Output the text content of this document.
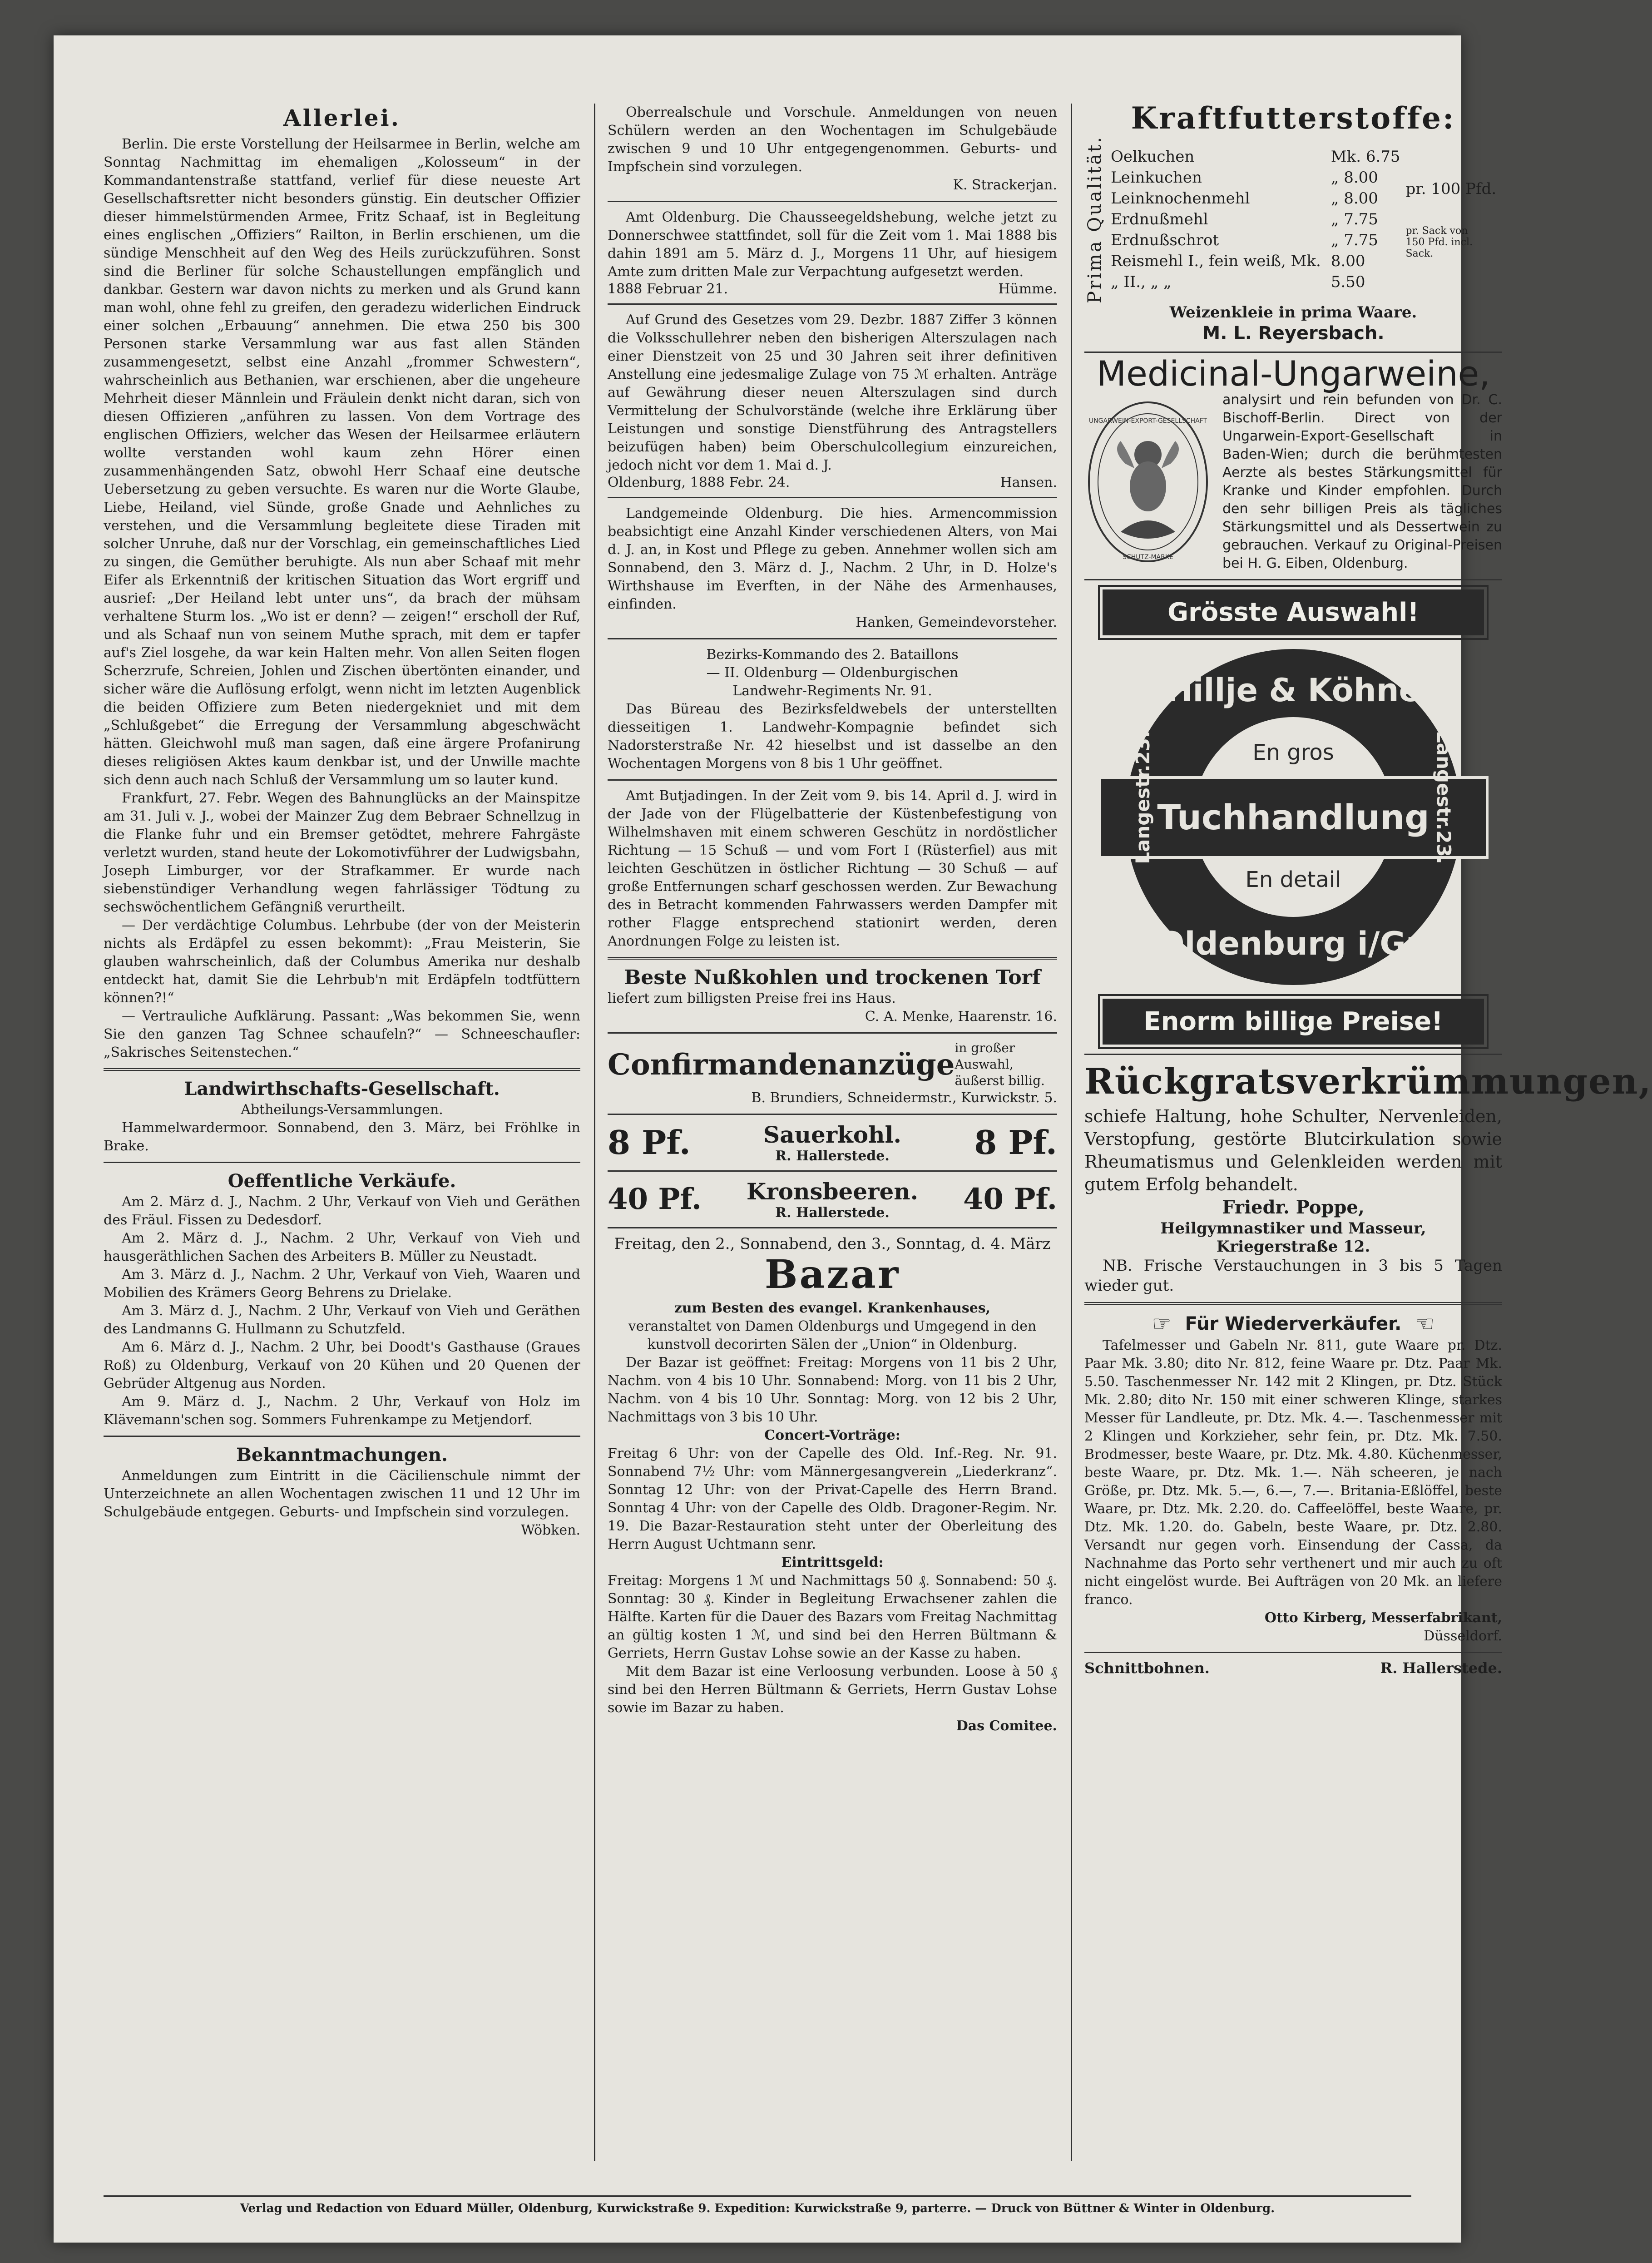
Allerlei.

Berlin. Die erste Vorstellung der Heilsarmee in Berlin, welche am Sonntag Nachmittag im ehemaligen „Kolosseum“ in der Kommandantenstraße stattfand, verlief für diese neueste Art Gesellschaftsretter nicht besonders günstig. Ein deutscher Offizier dieser himmelstürmenden Armee, Fritz Schaaf, ist in Begleitung eines englischen „Offiziers“ Railton, in Berlin erschienen, um die sündige Menschheit auf den Weg des Heils zurückzuführen. Sonst sind die Berliner für solche Schaustellungen empfänglich und dankbar. Gestern war davon nichts zu merken und als Grund kann man wohl, ohne fehl zu greifen, den geradezu widerlichen Eindruck einer solchen „Erbauung“ annehmen. Die etwa 250 bis 300 Personen starke Versammlung war aus fast allen Ständen zusammengesetzt, selbst eine Anzahl „frommer Schwestern“, wahrscheinlich aus Bethanien, war erschienen, aber die ungeheure Mehrheit dieser Männlein und Fräulein denkt nicht daran, sich von diesen Offizieren „anführen zu lassen. Von dem Vortrage des englischen Offiziers, welcher das Wesen der Heilsarmee erläutern wollte verstanden wohl kaum zehn Hörer einen zusammenhängenden Satz, obwohl Herr Schaaf eine deutsche Uebersetzung zu geben versuchte. Es waren nur die Worte Glaube, Liebe, Heiland, viel Sünde, große Gnade und Aehnliches zu verstehen, und die Versammlung begleitete diese Tiraden mit solcher Unruhe, daß nur der Vorschlag, ein gemeinschaftliches Lied zu singen, die Gemüther beruhigte. Als nun aber Schaaf mit mehr Eifer als Erkenntniß der kritischen Situation das Wort ergriff und ausrief: „Der Heiland lebt unter uns“, da brach der mühsam verhaltene Sturm los. „Wo ist er denn? — zeigen!“ erscholl der Ruf, und als Schaaf nun von seinem Muthe sprach, mit dem er tapfer auf's Ziel losgehe, da war kein Halten mehr. Von allen Seiten flogen Scherzrufe, Schreien, Johlen und Zischen übertönten einander, und sicher wäre die Auflösung erfolgt, wenn nicht im letzten Augenblick die beiden Offiziere zum Beten niedergekniet und mit dem „Schlußgebet“ die Erregung der Versammlung abgeschwächt hätten. Gleichwohl muß man sagen, daß eine ärgere Profanirung dieses religiösen Aktes kaum denkbar ist, und der Unwille machte sich denn auch nach Schluß der Versammlung um so lauter kund.

Frankfurt, 27. Febr. Wegen des Bahnunglücks an der Mainspitze am 31. Juli v. J., wobei der Mainzer Zug dem Bebraer Schnellzug in die Flanke fuhr und ein Bremser getödtet, mehrere Fahrgäste verletzt wurden, stand heute der Lokomotivführer der Ludwigsbahn, Joseph Limburger, vor der Strafkammer. Er wurde nach siebenstündiger Verhandlung wegen fahrlässiger Tödtung zu sechswöchentlichem Gefängniß verurtheilt.

— Der verdächtige Columbus. Lehrbube (der von der Meisterin nichts als Erdäpfel zu essen bekommt): „Frau Meisterin, Sie glauben wahrscheinlich, daß der Columbus Amerika nur deshalb entdeckt hat, damit Sie die Lehrbub'n mit Erdäpfeln todtfüttern können?!“

— Vertrauliche Aufklärung. Passant: „Was bekommen Sie, wenn Sie den ganzen Tag Schnee schaufeln?“ — Schneeschaufler: „Sakrisches Seitenstechen.“

Landwirthschafts-Gesellschaft.
Abtheilungs-Versammlungen.

Hammelwardermoor. Sonnabend, den 3. März, bei Fröhlke in Brake.

Oeffentliche Verkäufe.

Am 2. März d. J., Nachm. 2 Uhr, Verkauf von Vieh und Geräthen des Fräul. Fissen zu Dedesdorf.

Am 2. März d. J., Nachm. 2 Uhr, Verkauf von Vieh und hausgeräthlichen Sachen des Arbeiters B. Müller zu Neustadt.

Am 3. März d. J., Nachm. 2 Uhr, Verkauf von Vieh, Waaren und Mobilien des Krämers Georg Behrens zu Drielake.

Am 3. März d. J., Nachm. 2 Uhr, Verkauf von Vieh und Geräthen des Landmanns G. Hullmann zu Schutzfeld.

Am 6. März d. J., Nachm. 2 Uhr, bei Doodt's Gasthause (Graues Roß) zu Oldenburg, Verkauf von 20 Kühen und 20 Quenen der Gebrüder Altgenug aus Norden.

Am 9. März d. J., Nachm. 2 Uhr, Verkauf von Holz im Klävemann'schen sog. Sommers Fuhrenkampe zu Metjendorf.

Bekanntmachungen.

Anmeldungen zum Eintritt in die Cäcilienschule nimmt der Unterzeichnete an allen Wochentagen zwischen 11 und 12 Uhr im Schulgebäude entgegen. Geburts- und Impfschein sind vorzulegen.

Wöbken.

Oberrealschule und Vorschule. Anmeldungen von neuen Schülern werden an den Wochentagen im Schulgebäude zwischen 9 und 10 Uhr entgegengenommen. Geburts- und Impfschein sind vorzulegen.

K. Strackerjan.

Amt Oldenburg. Die Chausseegeldshebung, welche jetzt zu Donnerschwee stattfindet, soll für die Zeit vom 1. Mai 1888 bis dahin 1891 am 5. März d. J., Morgens 11 Uhr, auf hiesigem Amte zum dritten Male zur Verpachtung aufgesetzt werden.

1888 Februar 21.	Hümme.

Auf Grund des Gesetzes vom 29. Dezbr. 1887 Ziffer 3 können die Volksschullehrer neben den bisherigen Alterszulagen nach einer Dienstzeit von 25 und 30 Jahren seit ihrer definitiven Anstellung eine jedesmalige Zulage von 75 ℳ erhalten. Anträge auf Gewährung dieser neuen Alterszulagen sind durch Vermittelung der Schulvorstände (welche ihre Erklärung über Leistungen und sonstige Dienstführung des Antragstellers beizufügen haben) beim Oberschulcollegium einzureichen, jedoch nicht vor dem 1. Mai d. J.

Oldenburg, 1888 Febr. 24.	Hansen.

Landgemeinde Oldenburg. Die hies. Armencommission beabsichtigt eine Anzahl Kinder verschiedenen Alters, von Mai d. J. an, in Kost und Pflege zu geben. Annehmer wollen sich am Sonnabend, den 3. März d. J., Nachm. 2 Uhr, in D. Holze's Wirthshause im Everften, in der Nähe des Armenhauses, einfinden.

Hanken, Gemeindevorsteher.
Bezirks-Kommando des 2. Bataillons
— II. Oldenburg — Oldenburgischen
Landwehr-Regiments Nr. 91.

Das Büreau des Bezirksfeldwebels der unterstellten diesseitigen 1. Landwehr-Kompagnie befindet sich Nadorsterstraße Nr. 42 hieselbst und ist dasselbe an den Wochentagen Morgens von 8 bis 1 Uhr geöffnet.

Amt Butjadingen. In der Zeit vom 9. bis 14. April d. J. wird in der Jade von der Flügelbatterie der Küstenbefestigung von Wilhelmshaven mit einem schweren Geschütz in nordöstlicher Richtung — 15 Schuß — und vom Fort I (Rüsterfiel) aus mit leichten Geschützen in östlicher Richtung — 30 Schuß — auf große Entfernungen scharf geschossen werden. Zur Bewachung des in Betracht kommenden Fahrwassers werden Dampfer mit rother Flagge entsprechend stationirt werden, deren Anordnungen Folge zu leisten ist.

Beste Nußkohlen und trockenen Torf

liefert zum billigsten Preise frei ins Haus.

C. A. Menke, Haarenstr. 16.
Confirmandenanzüge in großer Auswahl, äußerst billig.
B. Brundiers, Schneidermstr., Kurwickstr. 5.
8 Pf.	Sauerkohl.
R. Hallerstede.	8 Pf.
40 Pf. Kronsbeeren.
R. Hallerstede.	40 Pf.
Freitag, den 2., Sonnabend, den 3., Sonntag, d. 4. März
Bazar
zum Besten des evangel. Krankenhauses,

veranstaltet von Damen Oldenburgs und Umgegend in den kunstvoll decorirten Sälen der „Union“ in Oldenburg.

Der Bazar ist geöffnet: Freitag: Morgens von 11 bis 2 Uhr, Nachm. von 4 bis 10 Uhr. Sonnabend: Morg. von 11 bis 2 Uhr, Nachm. von 4 bis 10 Uhr. Sonntag: Morg. von 12 bis 2 Uhr, Nachmittags von 3 bis 10 Uhr.

Concert-Vorträge:

Freitag 6 Uhr: von der Capelle des Old. Inf.-Reg. Nr. 91. Sonnabend 7½ Uhr: vom Männergesangverein „Liederkranz“. Sonntag 12 Uhr: von der Privat-Capelle des Herrn Brand. Sonntag 4 Uhr: von der Capelle des Oldb. Dragoner-Regim. Nr. 19. Die Bazar-Restauration steht unter der Oberleitung des Herrn August Uchtmann senr.

Eintrittsgeld:

Freitag: Morgens 1 ℳ und Nachmittags 50 ₰. Sonnabend: 50 ₰. Sonntag: 30 ₰. Kinder in Begleitung Erwachsener zahlen die Hälfte. Karten für die Dauer des Bazars vom Freitag Nachmittag an gültig kosten 1 ℳ, und sind bei den Herren Bültmann & Gerriets, Herrn Gustav Lohse sowie an der Kasse zu haben.

Mit dem Bazar ist eine Verloosung verbunden. Loose à 50 ₰ sind bei den Herren Bültmann & Gerriets, Herrn Gustav Lohse sowie im Bazar zu haben.

Das Comitee.
Kraftfutterstoffe:
Prima Qualität. Oelkuchen	Mk. 6.75
Leinkuchen	„ 8.00
Leinknochenmehl	„ 8.00
Erdnußmehl	„ 7.75
Erdnußschrot	„ 7.75
Reismehl I., fein weiß, Mk.	8.00
„ II., „ „	5.50
pr. 100 Pfd.
pr. Sack von 150 Pfd. incl. Sack.
Weizenkleie in prima Waare.
M. L. Reyersbach.
Medicinal-Ungarweine,
UNGARWEIN-EXPORT-GESELLSCHAFT
SCHUTZ-MARKE

analysirt und rein befunden von Dr. C. Bischoff-Berlin. Direct von der Ungarwein-Export-Gesellschaft in Baden-Wien; durch die berühmtesten Aerzte als bestes Stärkungsmittel für Kranke und Kinder empfohlen. Durch den sehr billigen Preis als tägliches Stärkungsmittel und als Dessertwein zu gebrauchen. Verkauf zu Original-Preisen bei H. G. Eiben, Oldenburg.

Grösste Auswahl!
Hillje & Köhne
En gros
Tuchhandlung
En detail
Oldenburg i/Gr.
Langestr.23.	Langestr.23.
Enorm billige Preise!
Rückgratsverkrümmungen,

schiefe Haltung, hohe Schulter, Nervenleiden, Verstopfung, gestörte Blutcirkulation sowie Rheumatismus und Gelenkleiden werden mit gutem Erfolg behandelt.

Friedr. Poppe,
Heilgymnastiker und Masseur,
Kriegerstraße 12.

NB. Frische Verstauchungen in 3 bis 5 Tagen wieder gut.

☞ Für Wiederverkäufer. ☞

Tafelmesser und Gabeln Nr. 811, gute Waare pr. Dtz. Paar Mk. 3.80; dito Nr. 812, feine Waare pr. Dtz. Paar Mk. 5.50. Taschenmesser Nr. 142 mit 2 Klingen, pr. Dtz. Stück Mk. 2.80; dito Nr. 150 mit einer schweren Klinge, starkes Messer für Landleute, pr. Dtz. Mk. 4.—. Taschenmesser mit 2 Klingen und Korkzieher, sehr fein, pr. Dtz. Mk. 7.50. Brodmesser, beste Waare, pr. Dtz. Mk. 4.80. Küchenmesser, beste Waare, pr. Dtz. Mk. 1.—. Näh scheeren, je nach Größe, pr. Dtz. Mk. 5.—, 6.—, 7.—. Britania-Eßlöffel, beste Waare, pr. Dtz. Mk. 2.20. do. Caffeelöffel, beste Waare, pr. Dtz. Mk. 1.20. do. Gabeln, beste Waare, pr. Dtz. 2.80. Versandt nur gegen vorh. Einsendung der Cassa, da Nachnahme das Porto sehr verthenert und mir auch zu oft nicht eingelöst wurde. Bei Aufträgen von 20 Mk. an liefere franco.

Otto Kirberg, Messerfabrikant,
Düsseldorf.
Schnittbohnen.	R. Hallerstede.
Verlag und Redaction von Eduard Müller, Oldenburg, Kurwickstraße 9. Expedition: Kurwickstraße 9, parterre. — Druck von Büttner & Winter in Oldenburg.
